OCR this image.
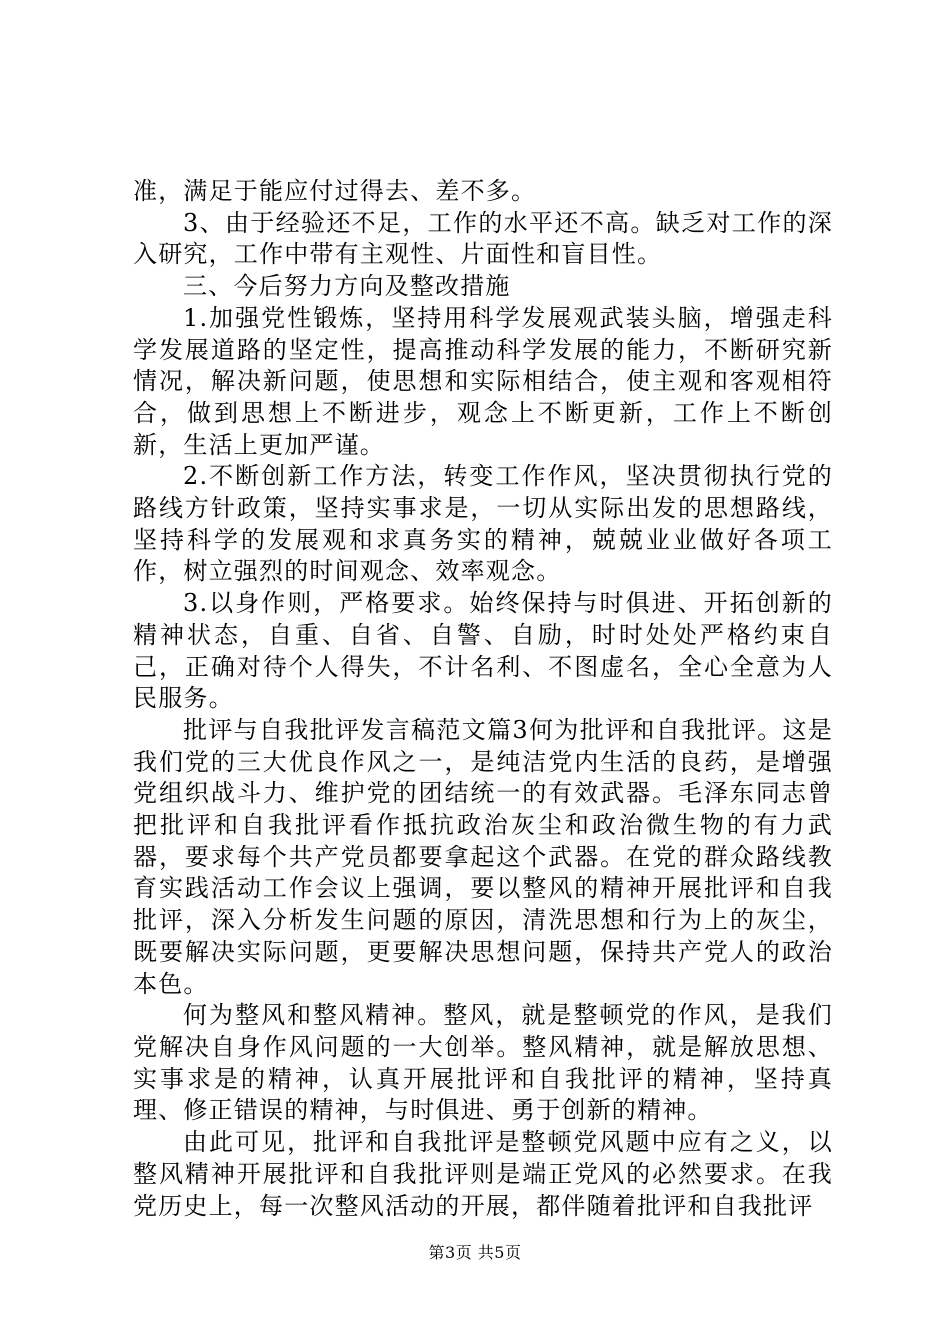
准，满足于能应付过得去、差不多。

3、由于经验还不足，工作的水平还不高。缺乏对工作的深入研究，工作中带有主观性、片面性和盲目性。

三、今后努力方向及整改措施

1.加强党性锻炼，坚持用科学发展观武装头脑，增强走科学发展道路的坚定性，提高推动科学发展的能力，不断研究新情况，解决新问题，使思想和实际相结合，使主观和客观相符合，做到思想上不断进步，观念上不断更新，工作上不断创新，生活上更加严谨。

2.不断创新工作方法，转变工作作风，坚决贯彻执行党的路线方针政策，坚持实事求是，一切从实际出发的思想路线，坚持科学的发展观和求真务实的精神，兢兢业业做好各项工作，树立强烈的时间观念、效率观念。

3.以身作则，严格要求。始终保持与时俱进、开拓创新的精神状态，自重、自省、自警、自励，时时处处严格约束自己，正确对待个人得失，不计名利、不图虚名，全心全意为人民服务。

批评与自我批评发言稿范文篇3何为批评和自我批评。这是我们党的三大优良作风之一，是纯洁党内生活的良药，是增强党组织战斗力、维护党的团结统一的有效武器。毛泽东同志曾把批评和自我批评看作抵抗政治灰尘和政治微生物的有力武器，要求每个共产党员都要拿起这个武器。在党的群众路线教育实践活动工作会议上强调，要以整风的精神开展批评和自我批评，深入分析发生问题的原因，清洗思想和行为上的灰尘，既要解决实际问题，更要解决思想问题，保持共产党人的政治本色。

何为整风和整风精神。整风，就是整顿党的作风，是我们党解决自身作风问题的一大创举。整风精神，就是解放思想、实事求是的精神，认真开展批评和自我批评的精神，坚持真理、修正错误的精神，与时俱进、勇于创新的精神。

由此可见，批评和自我批评是整顿党风题中应有之义，以整风精神开展批评和自我批评则是端正党风的必然要求。在我党历史上，每一次整风活动的开展，都伴随着批评和自我批评

第3页 共5页
